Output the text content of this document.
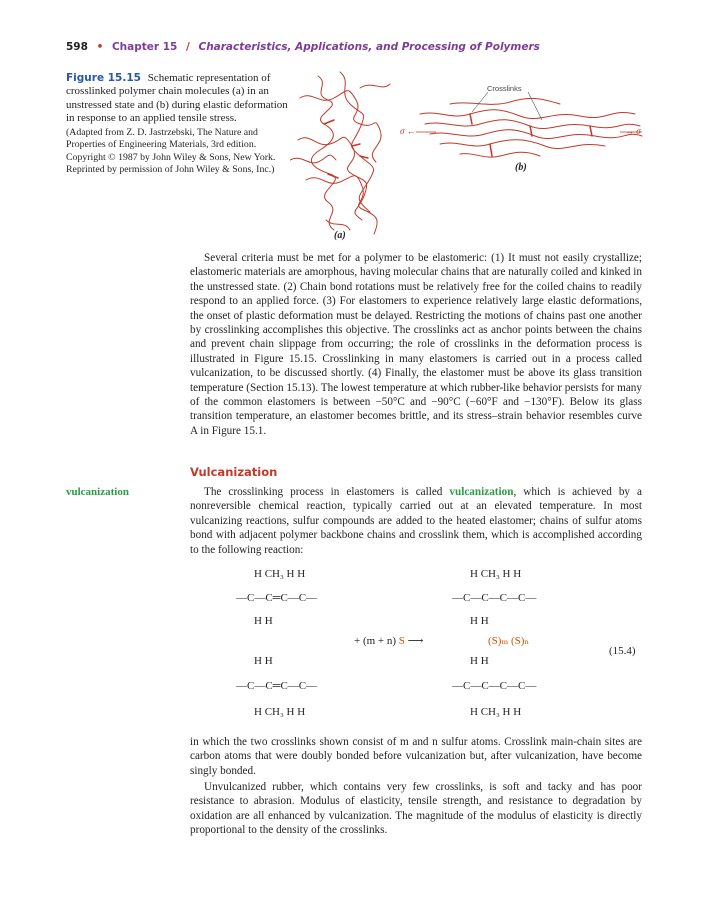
598 • Chapter 15 / Characteristics, Applications, and Processing of Polymers
Figure 15.15 Schematic representation of crosslinked polymer chain molecules (a) in an unstressed state and (b) during elastic deformation in response to an applied tensile stress.
(Adapted from Z. D. Jastrzebski, The Nature and Properties of Engineering Materials, 3rd edition. Copyright © 1987 by John Wiley & Sons, New York. Reprinted by permission of John Wiley & Sons, Inc.)
Crosslinks
σ ←	→ σ
(b)
(a)

Several criteria must be met for a polymer to be elastomeric: (1) It must not easily crystallize; elastomeric materials are amorphous, having molecular chains that are naturally coiled and kinked in the unstressed state. (2) Chain bond rotations must be relatively free for the coiled chains to readily respond to an applied force. (3) For elastomers to experience relatively large elastic deformations, the onset of plastic deformation must be delayed. Restricting the motions of chains past one another by crosslinking accomplishes this objective. The crosslinks act as anchor points between the chains and prevent chain slippage from occurring; the role of crosslinks in the deformation process is illustrated in Figure 15.15. Crosslinking in many elastomers is carried out in a process called vulcanization, to be discussed shortly. (4) Finally, the elastomer must be above its glass transition temperature (Section 15.13). The lowest temperature at which rubber-like behavior persists for many of the common elastomers is between −50°C and −90°C (−60°F and −130°F). Below its glass transition temperature, an elastomer becomes brittle, and its stress–strain behavior resembles curve A in Figure 15.1.

Vulcanization
vulcanization	The crosslinking process in elastomers is called vulcanization, which is achieved by a nonreversible chemical reaction, typically carried out at an elevated temperature. In most vulcanizing reactions, sulfur compounds are added to the heated elastomer; chains of sulfur atoms bond with adjacent polymer backbone chains and crosslink them, which is accomplished according to the following reaction:

H CH₃ H H
—C—C═C—C—
H H
H H
—C—C═C—C—
H CH₃ H H
+ (m + n) S ⟶
H CH₃ H H
—C—C—C—C—
H H
(S)ₘ (S)ₙ
H H
—C—C—C—C—
H CH₃ H H
(15.4)

in which the two crosslinks shown consist of m and n sulfur atoms. Crosslink main-chain sites are carbon atoms that were doubly bonded before vulcanization but, after vulcanization, have become singly bonded.

Unvulcanized rubber, which contains very few crosslinks, is soft and tacky and has poor resistance to abrasion. Modulus of elasticity, tensile strength, and resistance to degradation by oxidation are all enhanced by vulcanization. The magnitude of the modulus of elasticity is directly proportional to the density of the crosslinks.
